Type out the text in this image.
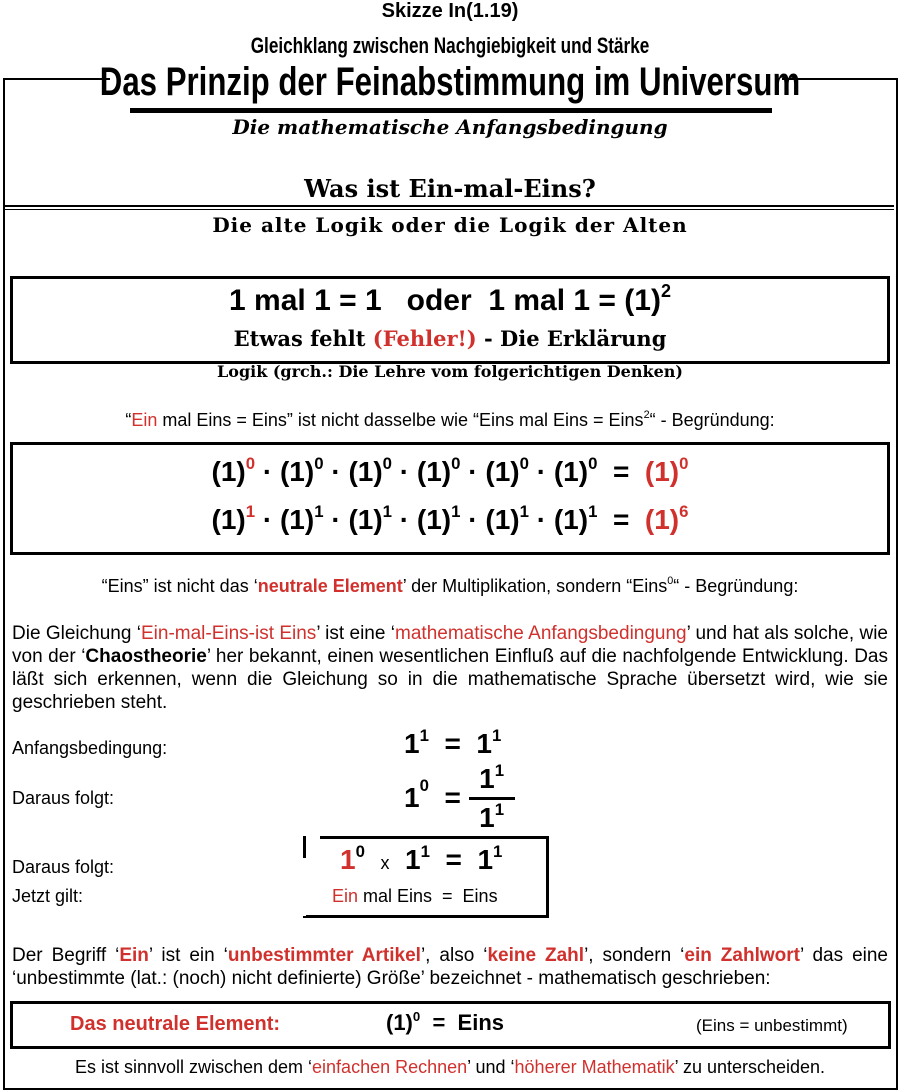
Skizze In(1.19)
Gleichklang zwischen Nachgiebigkeit und Stärke
Das Prinzip der Feinabstimmung im Universum
Die mathematische Anfangsbedingung
Was ist Ein-mal-Eins?
Die alte Logik oder die Logik der Alten
1 mal 1 = 1 oder 1 mal $1 = (1)^2$
Etwas fehlt (Fehler!) - Die Erklärung
Logik (grch.: Die Lehre vom folgerichtigen Denken)
“Ein mal Eins = Eins” ist nicht dasselbe wie “Eins mal Eins = Eins$^2$“ - Begründung:
$(1)^0 \cdot (1)^0 \cdot (1)^0 \cdot (1)^0 \cdot (1)^0 \cdot (1)^0 = (1)^0$
$(1)^1 \cdot (1)^1 \cdot (1)^1 \cdot (1)^1 \cdot (1)^1 \cdot (1)^1 = (1)^6$
“Eins” ist nicht das ‘neutrale Element’ der Multiplikation, sondern “Eins$^0$“ - Begründung:
Die Gleichung ‘Ein-mal-Eins-ist Eins’ ist eine ‘mathematische Anfangsbedingung’ und hat als solche, wie von der ‘Chaostheorie’ her bekannt, einen wesentlichen Einfluß auf die nachfolgende Entwicklung. Das läßt sich erkennen, wenn die Gleichung so in die mathematische Sprache übersetzt wird, wie sie geschrieben steht.
Anfangsbedingung:	$1^1 = 1^1$
Daraus folgt:	$1^0$
=
$\frac{1^1}{1^1}$
Daraus folgt:	$1^0$  x $1^1 = 1^1$
Jetzt gilt:	Ein mal Eins  =  Eins
Der Begriff ‘Ein’ ist ein ‘unbestimmter Artikel’, also ‘keine Zahl’, sondern ‘ein Zahlwort’ das eine ‘unbestimmte (lat.: (noch) nicht definierte) Größe’ bezeichnet - mathematisch geschrieben:
Das neutrale Element:	$(1)^0$  =  Eins	(Eins = unbestimmt)
Es ist sinnvoll zwischen dem ‘einfachen Rechnen’ und ‘höherer Mathematik’ zu unterscheiden.
